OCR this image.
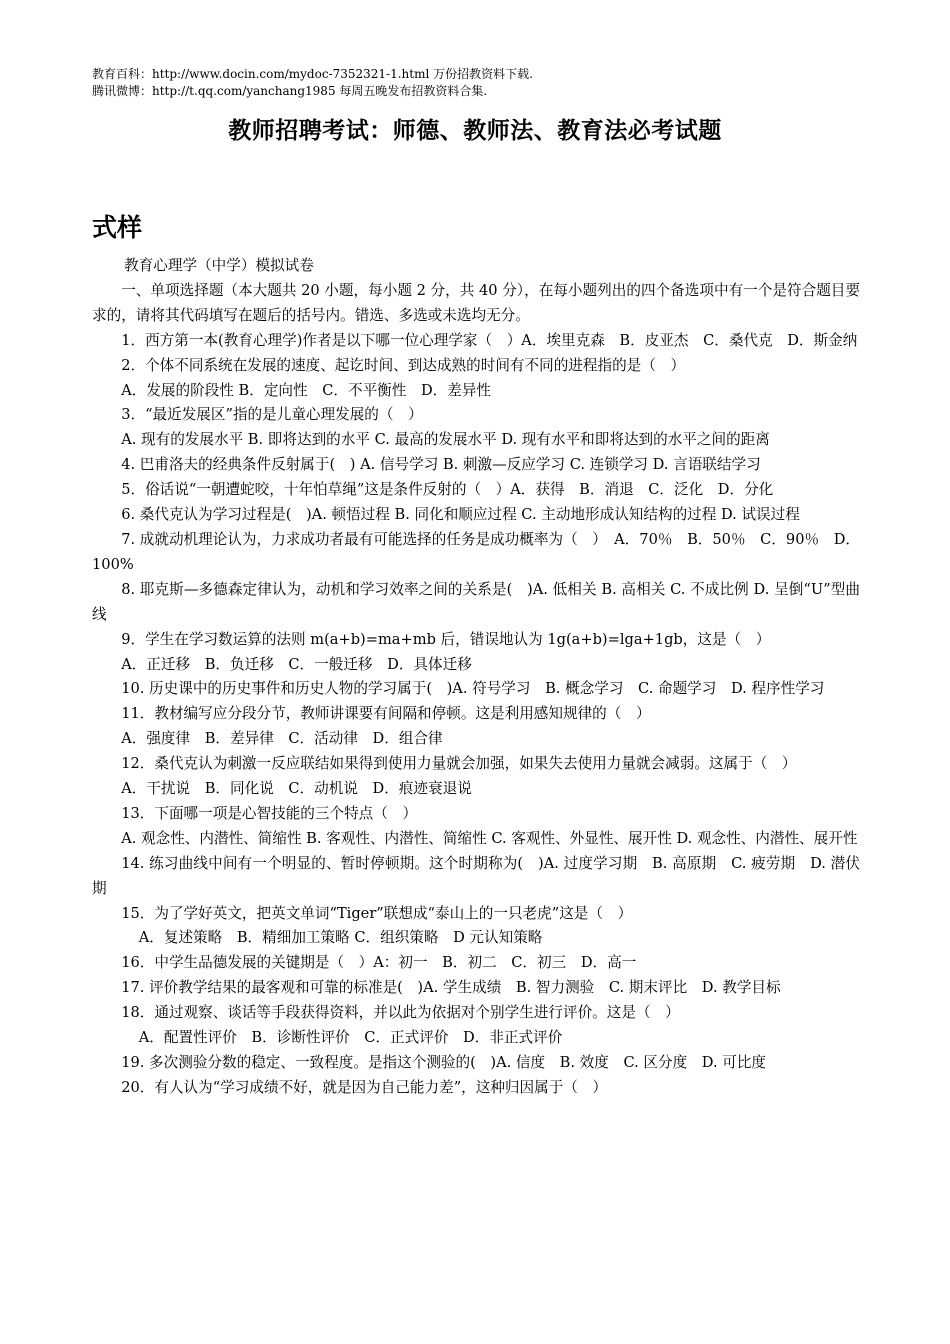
教育百科：http://www.docin.com/mydoc-7352321-1.html 万份招教资料下载.
腾讯微博：http://t.qq.com/yanchang1985 每周五晚发布招教资料合集.
教师招聘考试：师德、教师法、教育法必考试题
式样

教育心理学（中学）模拟试卷

一、单项选择题（本大题共 20 小题，每小题 2 分，共 40 分），在每小题列出的四个备选项中有一个是符合题目要求的，请将其代码填写在题后的括号内。错选、多选或未选均无分。

1．西方第一本(教育心理学)作者是以下哪一位心理学家（　）A．埃里克森　B．皮亚杰　C．桑代克　D．斯金纳

2．个体不同系统在发展的速度、起讫时间、到达成熟的时间有不同的进程指的是（　）

A．发展的阶段性 B．定向性　C．不平衡性　D．差异性

3．“最近发展区”指的是儿童心理发展的（　）

A. 现有的发展水平 B. 即将达到的水平 C. 最高的发展水平 D. 现有水平和即将达到的水平之间的距离

4. 巴甫洛夫的经典条件反射属于(　) A. 信号学习 B. 刺激—反应学习 C. 连锁学习 D. 言语联结学习

5．俗话说“一朝遭蛇咬，十年怕草绳”这是条件反射的（　）A．获得　B．消退　C．泛化　D．分化

6. 桑代克认为学习过程是(　)A. 顿悟过程 B. 同化和顺应过程 C. 主动地形成认知结构的过程 D. 试误过程

7. 成就动机理论认为，力求成功者最有可能选择的任务是成功概率为（　）　A．70％　B．50％　C．90％　D．100%

8. 耶克斯—多德森定律认为，动机和学习效率之间的关系是(　)A. 低相关 B. 高相关 C. 不成比例 D. 呈倒“U”型曲线

9．学生在学习数运算的法则 m(a+b)=ma+mb 后，错误地认为 1g(a+b)=lga+1gb，这是（　）

A．正迁移　B．负迁移　C．一般迁移　D．具体迁移

10. 历史课中的历史事件和历史人物的学习属于(　)A. 符号学习　B. 概念学习　C. 命题学习　D. 程序性学习

11．教材编写应分段分节，教师讲课要有间隔和停顿。这是利用感知规律的（　）

A．强度律　B．差异律　C．活动律　D．组合律

12．桑代克认为刺激一反应联结如果得到使用力量就会加强，如果失去使用力量就会减弱。这属于（　）

A．干扰说　B．同化说　C．动机说　D．痕迹衰退说

13．下面哪一项是心智技能的三个特点（　）

A. 观念性、内潜性、简缩性 B. 客观性、内潜性、简缩性 C. 客观性、外显性、展开性 D. 观念性、内潜性、展开性

14. 练习曲线中间有一个明显的、暂时停顿期。这个时期称为(　)A. 过度学习期　B. 高原期　C. 疲劳期　D. 潜伏期

15．为了学好英文，把英文单词“Tiger”联想成“泰山上的一只老虎”这是（　）

A．复述策略　B．精细加工策略 C．组织策略　D 元认知策略

16．中学生品德发展的关键期是（　）A：初一　B．初二　C．初三　D．高一

17. 评价教学结果的最客观和可靠的标准是(　)A. 学生成绩　B. 智力测验　C. 期末评比　D. 教学目标

18．通过观察、谈话等手段获得资料，并以此为依据对个别学生进行评价。这是（　）

A．配置性评价　B．诊断性评价　C．正式评价　D．非正式评价

19. 多次测验分数的稳定、一致程度。是指这个测验的(　)A. 信度　B. 效度　C. 区分度　D. 可比度

20．有人认为“学习成绩不好，就是因为自己能力差”，这种归因属于（　）
